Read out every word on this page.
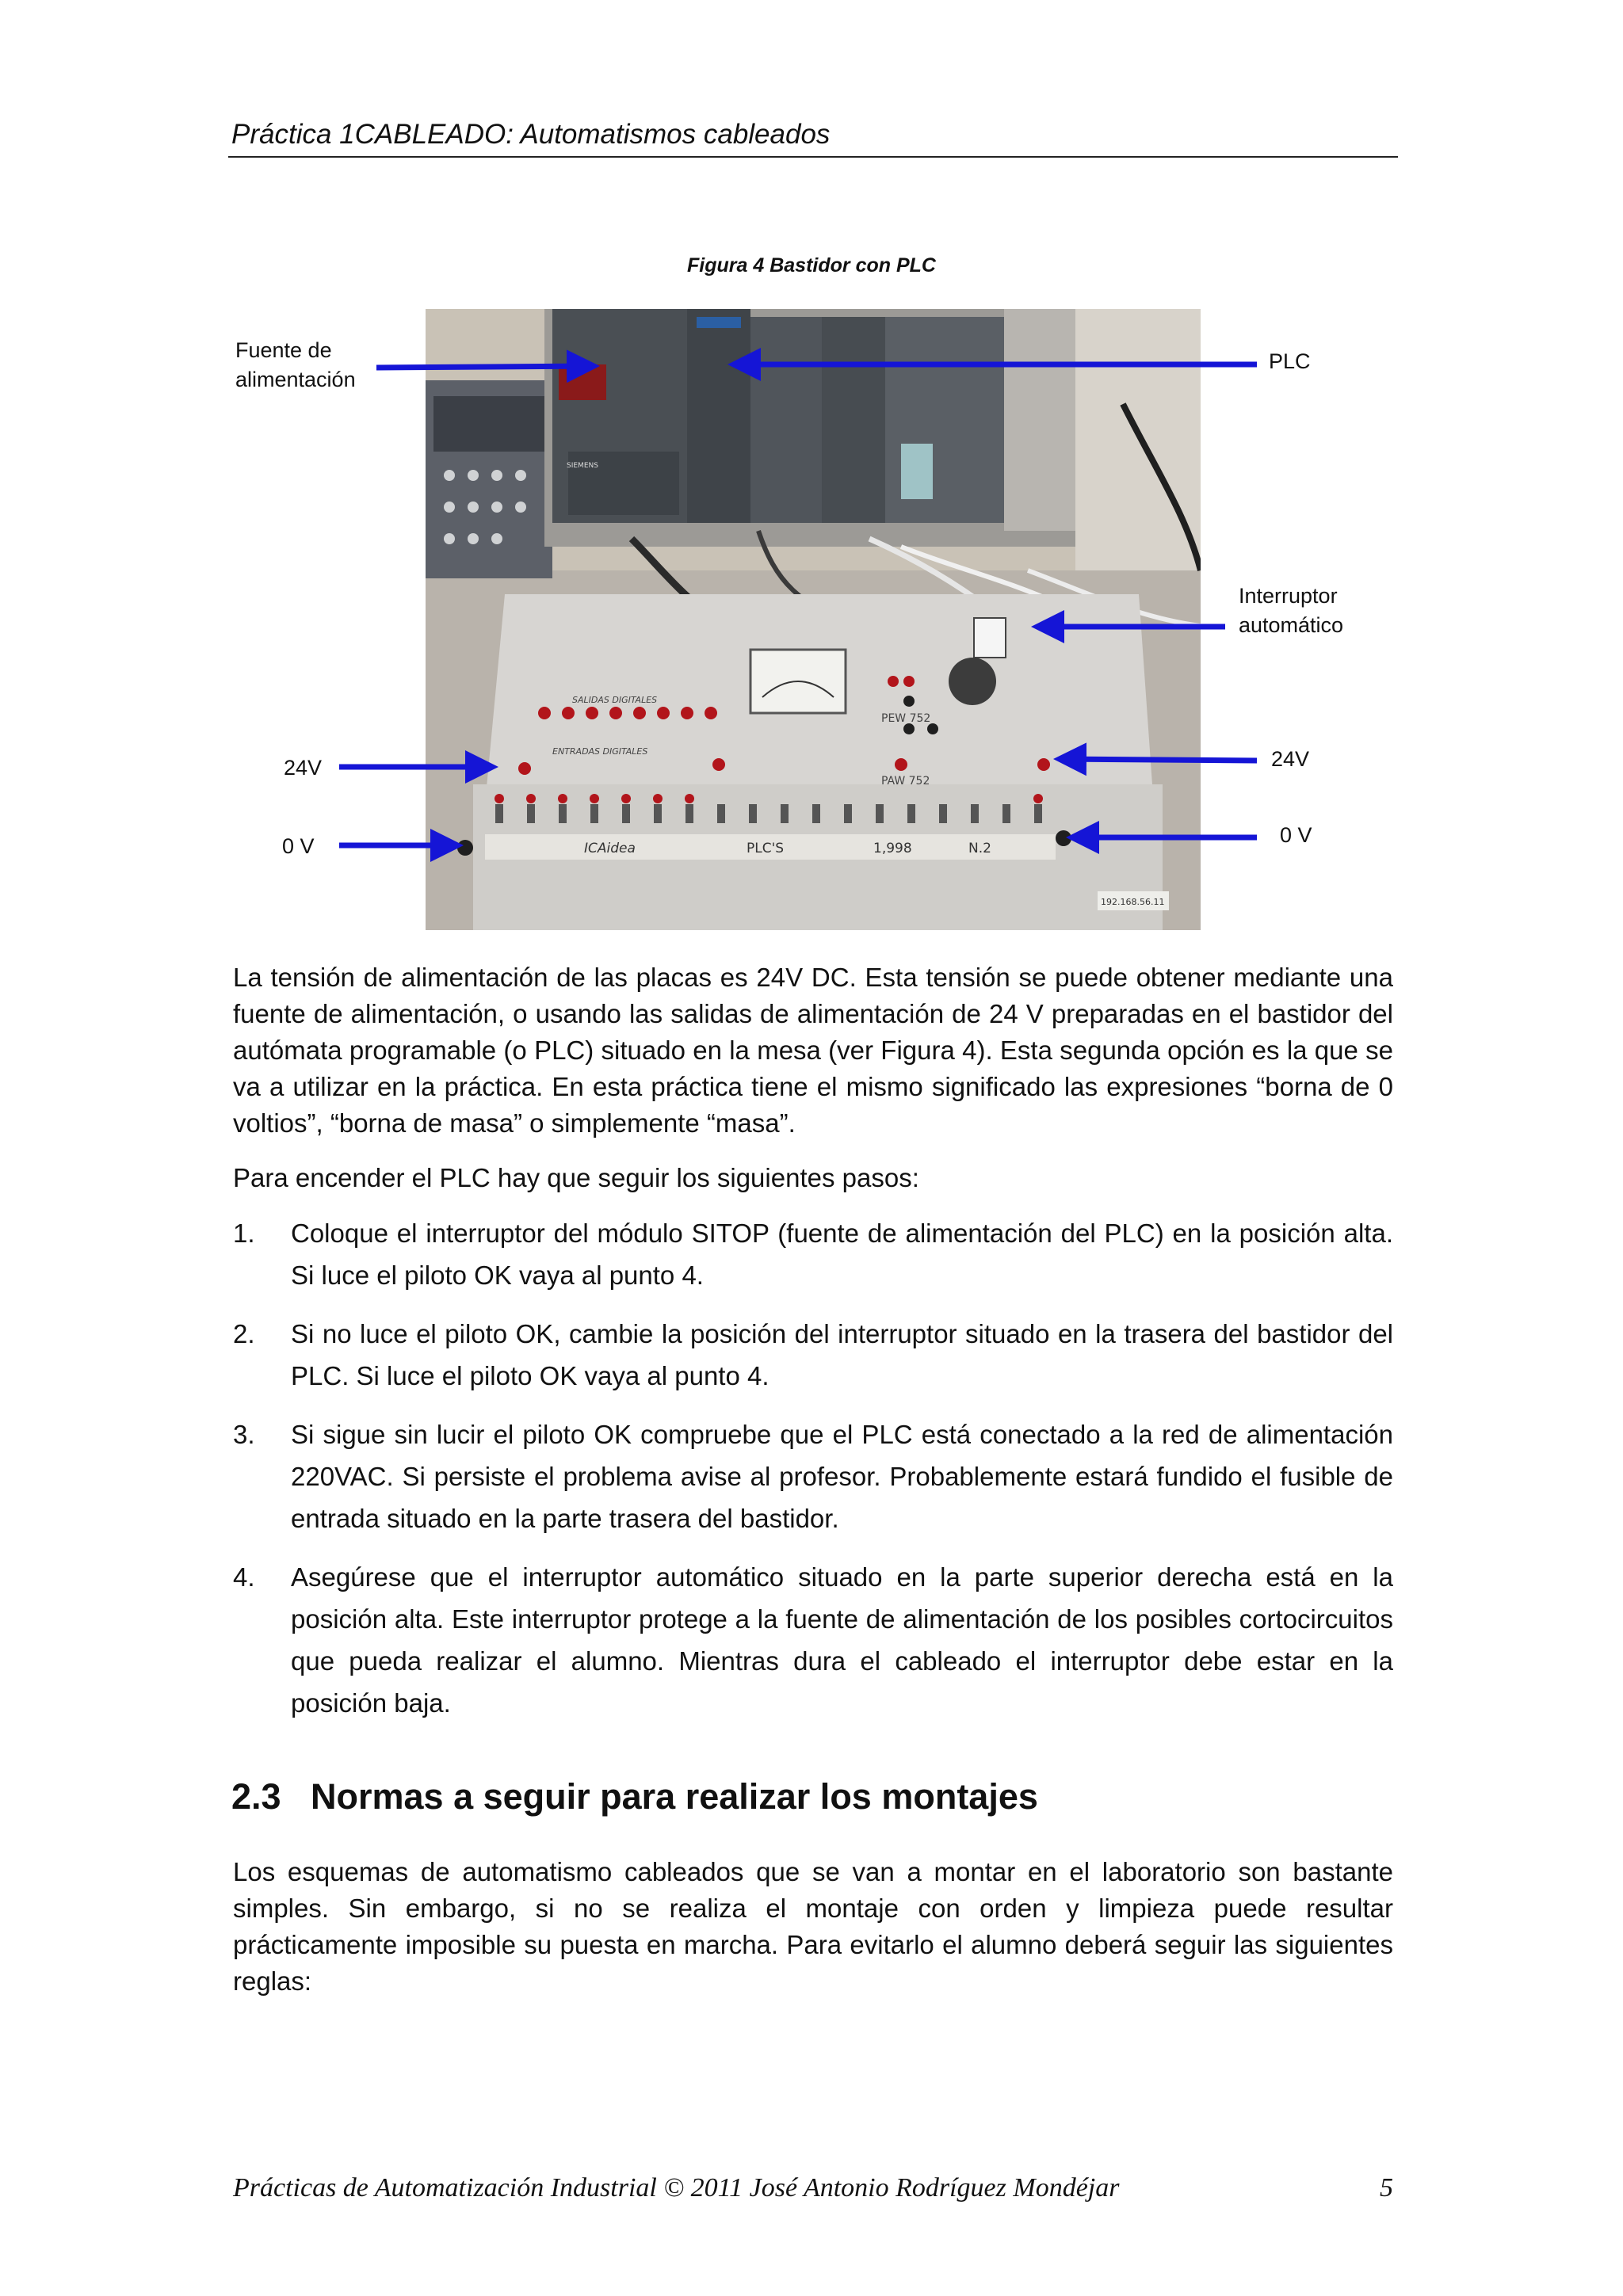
Práctica 1CABLEADO: Automatismos cableados
Figura 4 Bastidor con PLC
ICAidea	PLC'S	1,998	N.2
SALIDAS DIGITALES
ENTRADAS DIGITALES
PEW 752
PAW 752
192.168.56.11
SIEMENS
Fuente de
alimentación
PLC
Interruptor
automático
24V
0 V
24V
0 V

La tensión de alimentación de las placas es 24V DC. Esta tensión se puede obtener mediante una fuente de alimentación, o usando las salidas de alimentación de 24 V preparadas en el bastidor del autómata programable (o PLC) situado en la mesa (ver Figura 4). Esta segunda opción es la que se va a utilizar en la práctica. En esta práctica tiene el mismo significado las expresiones “borna de 0 voltios”, “borna de masa” o simplemente “masa”.

Para encender el PLC hay que seguir los siguientes pasos:

1. Coloque el interruptor del módulo SITOP (fuente de alimentación del PLC) en la posición alta. Si luce el piloto OK vaya al punto 4.
2. Si no luce el piloto OK, cambie la posición del interruptor situado en la trasera del bastidor del PLC. Si luce el piloto OK vaya al punto 4.
3. Si sigue sin lucir el piloto OK compruebe que el PLC está conectado a la red de alimentación 220VAC. Si persiste el problema avise al profesor. Probablemente estará fundido el fusible de entrada situado en la parte trasera del bastidor.
4. Asegúrese que el interruptor automático situado en la parte superior derecha está en la posición alta. Este interruptor protege a la fuente de alimentación de los posibles cortocircuitos que pueda realizar el alumno. Mientras dura el cableado el interruptor debe estar en la posición baja.
2.3 Normas a seguir para realizar los montajes

Los esquemas de automatismo cableados que se van a montar en el laboratorio son bastante simples. Sin embargo, si no se realiza el montaje con orden y limpieza puede resultar prácticamente imposible su puesta en marcha. Para evitarlo el alumno deberá seguir las siguientes reglas:

Prácticas de Automatización Industrial © 2011 José Antonio Rodríguez Mondéjar	5
